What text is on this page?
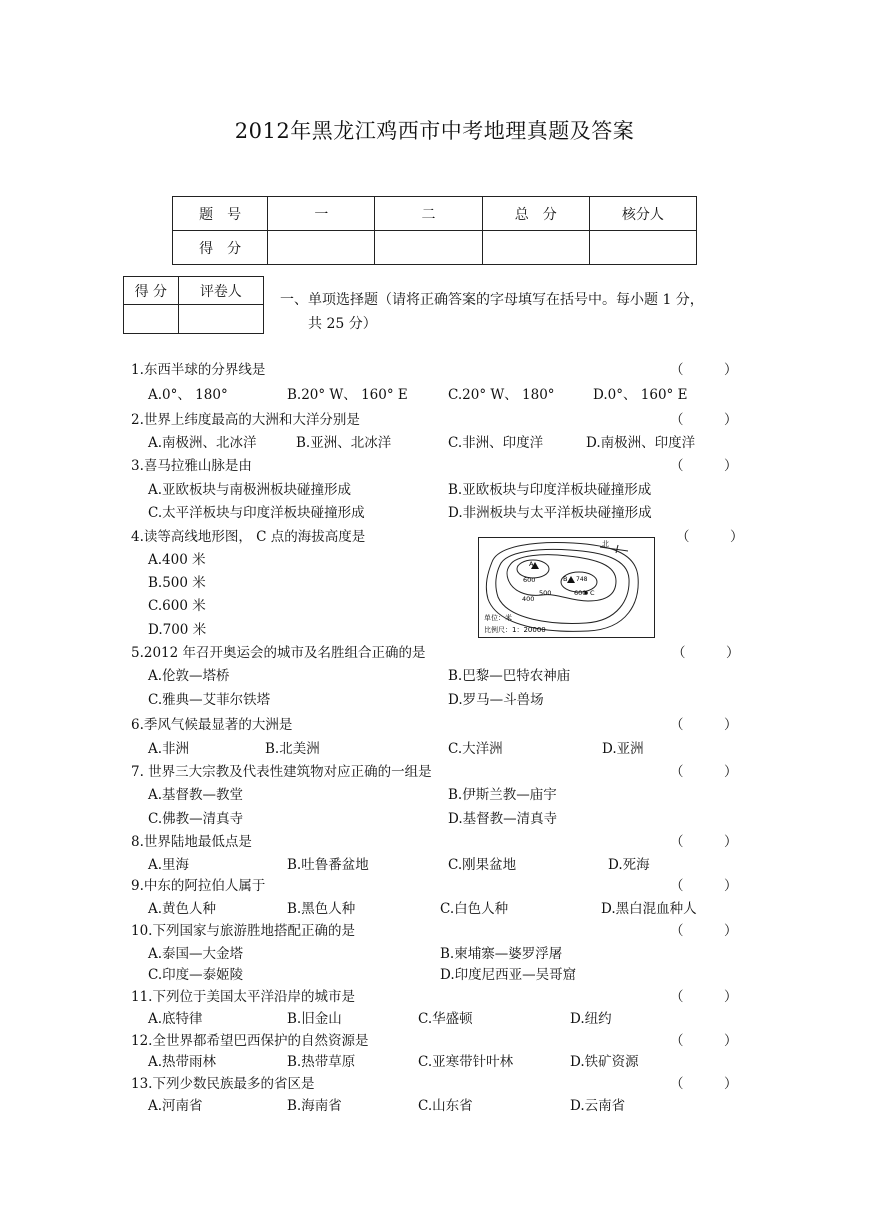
2012年黑龙江鸡西市中考地理真题及答案
题　号	一	二	总　分	核分人
得　分				
得 分	评卷人

一、单项选择题（请将正确答案的字母填写在括号中。每小题 1 分，
共 25 分）
1.东西半球的分界线是	（　　　）
A.0°、 180°	B.20° W、 160° E	C.20° W、 180°	D.0°、 160° E
2.世界上纬度最高的大洲和大洋分别是	（　　　）
A.南极洲、北冰洋	B.亚洲、北冰洋	C.非洲、印度洋	D.南极洲、印度洋
3.喜马拉雅山脉是由	（　　　）
A.亚欧板块与南极洲板块碰撞形成	B.亚欧板块与印度洋板块碰撞形成
C.太平洋板块与印度洋板块碰撞形成	D.非洲板块与太平洋板块碰撞形成
4.读等高线地形图， C 点的海拔高度是	（　　　）
A.400 米
B.500 米
C.600 米
D.700 米
5.2012 年召开奥运会的城市及名胜组合正确的是	（　　　）
A.伦敦—塔桥	B.巴黎—巴特农神庙
C.雅典—艾菲尔铁塔	D.罗马—斗兽场
6.季风气候最显著的大洲是	（　　　）
A.非洲	B.北美洲	C.大洋洲	D.亚洲
7. 世界三大宗教及代表性建筑物对应正确的一组是	（　　　）
A.基督教—教堂	B.伊斯兰教—庙宇
C.佛教—清真寺	D.基督教—清真寺
8.世界陆地最低点是	（　　　）
A.里海	B.吐鲁番盆地	C.刚果盆地	D.死海
9.中东的阿拉伯人属于	（　　　）
A.黄色人种	B.黑色人种	C.白色人种	D.黑白混血种人
10.下列国家与旅游胜地搭配正确的是	（　　　）
A.泰国—大金塔	B.柬埔寨—婆罗浮屠
C.印度—泰姬陵	D.印度尼西亚—吴哥窟
11.下列位于美国太平洋沿岸的城市是	（　　　）
A.底特律	B.旧金山	C.华盛顿	D.纽约
12.全世界都希望巴西保护的自然资源是	（　　　）
A.热带雨林	B.热带草原	C.亚寒带针叶林	D.铁矿资源
13.下列少数民族最多的省区是	（　　　）
A.河南省	B.海南省	C.山东省	D.云南省
北
A
B
C
600
600
500
400
748
单位：米
比例尺：1：20000
